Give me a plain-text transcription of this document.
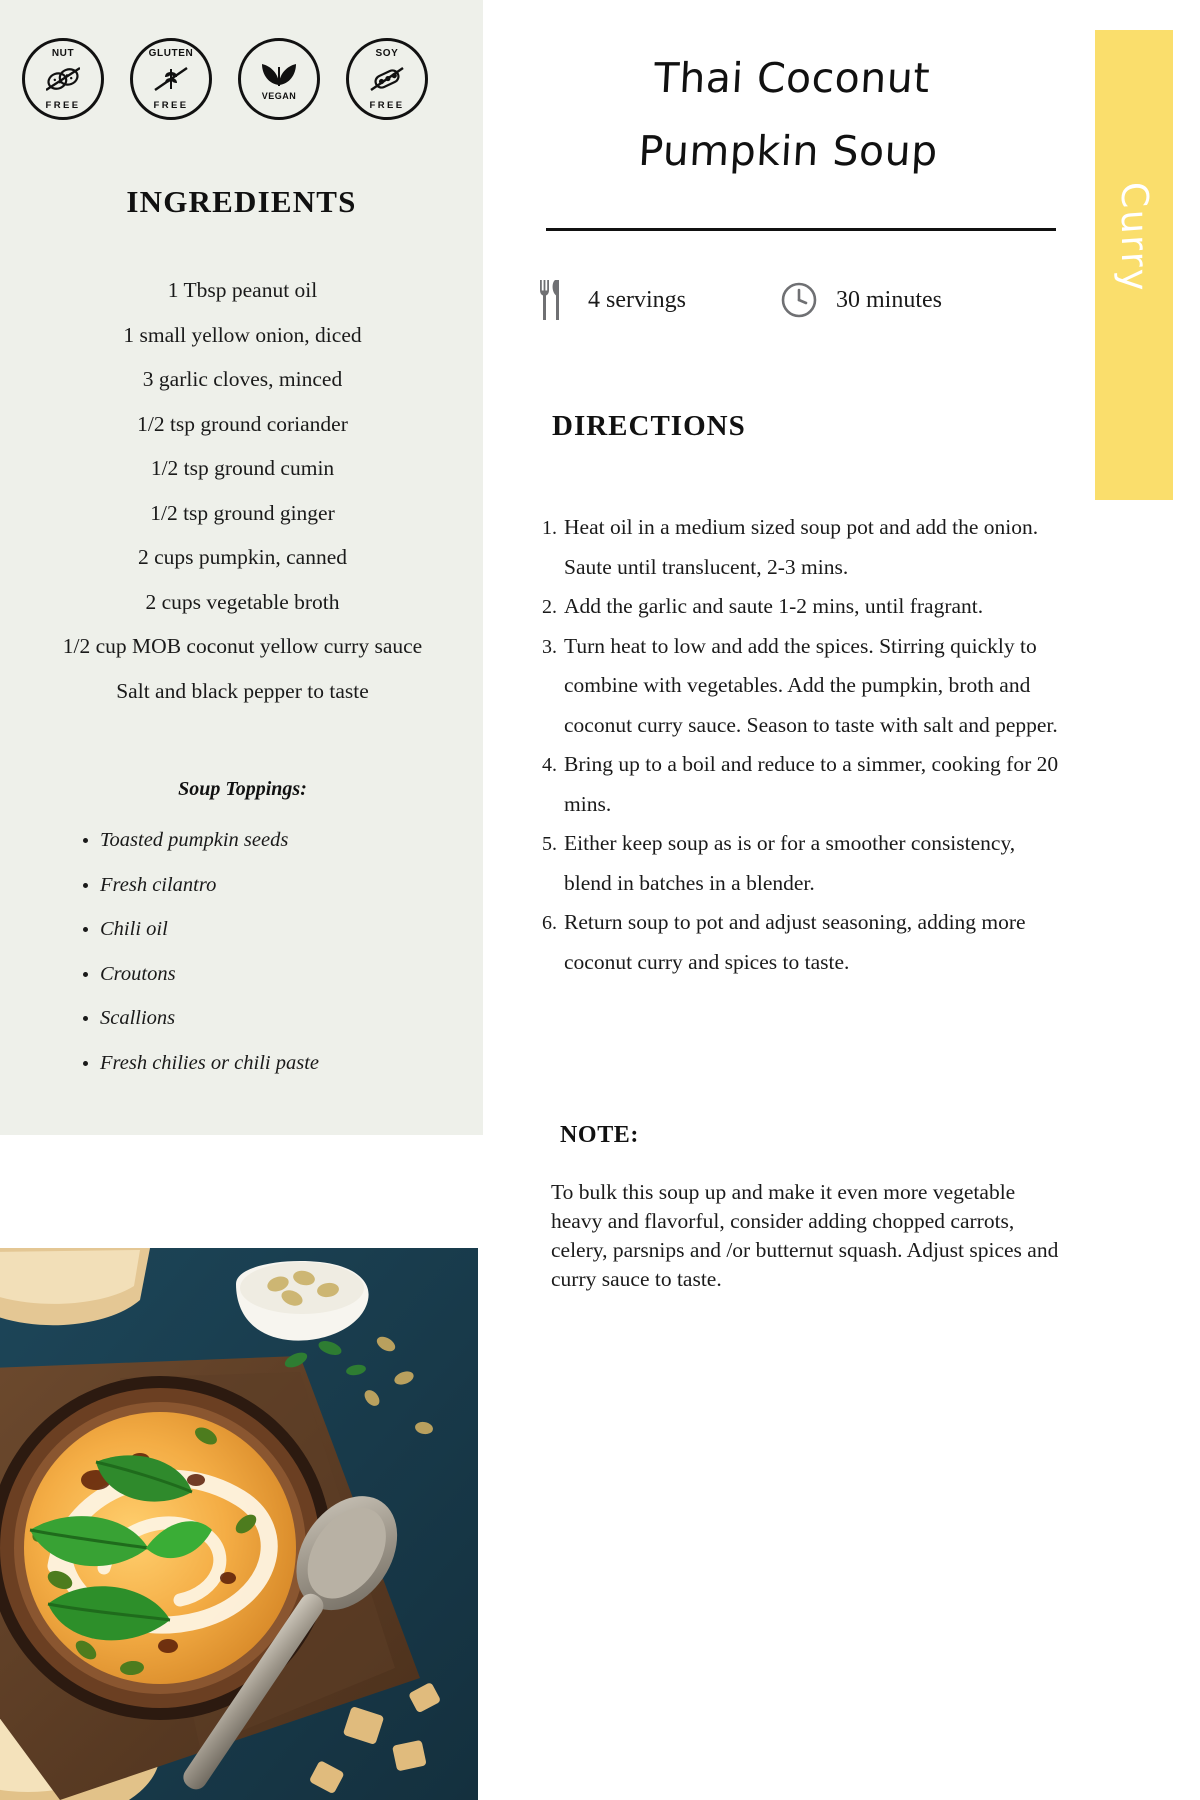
NUT
FREE
GLUTEN
FREE
VEGAN
SOY
FREE
INGREDIENTS
1 Tbsp peanut oil
1 small yellow onion, diced
3 garlic cloves, minced
1/2 tsp ground coriander
1/2 tsp ground cumin
1/2 tsp ground ginger
2 cups pumpkin, canned
2 cups vegetable broth
1/2 cup MOB coconut yellow curry sauce
Salt and black pepper to taste
Soup Toppings:
• Toasted pumpkin seeds
• Fresh cilantro
• Chili oil
• Croutons
• Scallions
• Fresh chilies or chili paste
Thai Coconut
Pumpkin Soup
4 servings	30 minutes
DIRECTIONS
1. Heat oil in a medium sized soup pot and add the onion. Saute until translucent, 2-3 mins.
2. Add the garlic and saute 1-2 mins, until fragrant.
3. Turn heat to low and add the spices. Stirring quickly to combine with vegetables. Add the pumpkin, broth and coconut curry sauce. Season to taste with salt and pepper.
4. Bring up to a boil and reduce to a simmer, cooking for 20 mins.
5. Either keep soup as is or for a smoother consistency, blend in batches in a blender.
6. Return soup to pot and adjust seasoning, adding more coconut curry and spices to taste.
NOTE:
To bulk this soup up and make it even more vegetable heavy and flavorful, consider adding chopped carrots, celery, parsnips and /or butternut squash. Adjust spices and curry sauce to taste.
Curry
